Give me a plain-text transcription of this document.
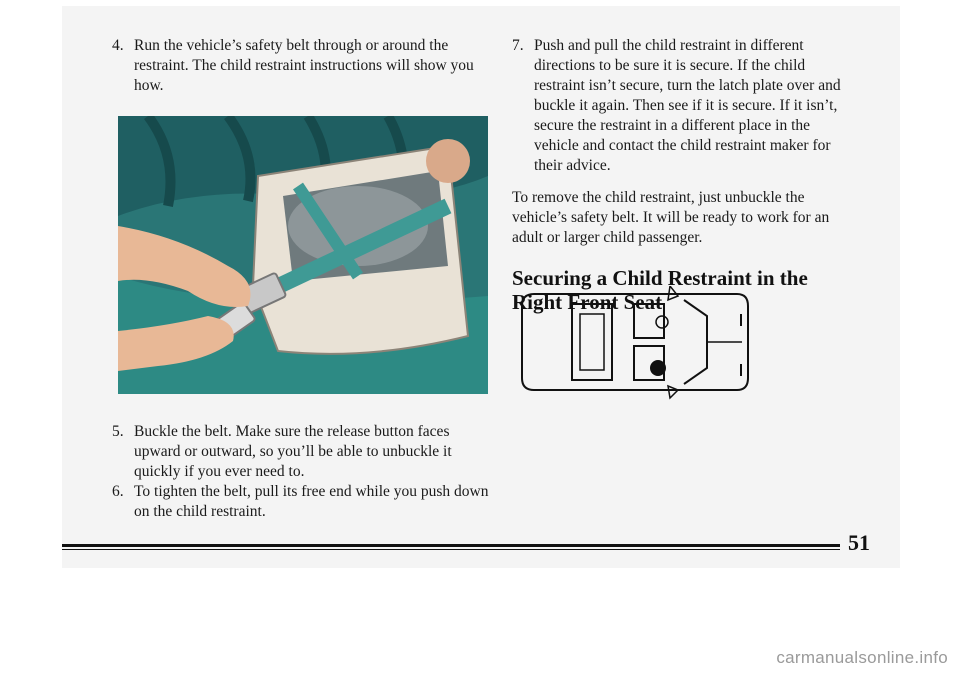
4. Run the vehicle’s safety belt through or around the restraint. The child restraint instructions will show you how.
5. Buckle the belt. Make sure the release button faces upward or outward, so you’ll be able to unbuckle it quickly if you ever need to.
6. To tighten the belt, pull its free end while you push down on the child restraint.
7. Push and pull the child restraint in different directions to be sure it is secure. If the child restraint isn’t secure, turn the latch plate over and buckle it again. Then see if it is secure. If it isn’t, secure the restraint in a different place in the vehicle and contact the child restraint maker for their advice.

To remove the child restraint, just unbuckle the vehicle’s safety belt. It will be ready to work for an adult or larger child passenger.

Securing a Child Restraint in the Right Front Seat
51
carmanualsonline.info
